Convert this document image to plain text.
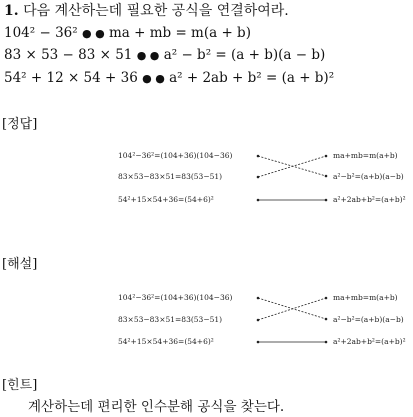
1. 다음 계산하는데 필요한 공식을 연결하여라.
104² − 36² ● ● ma + mb = m(a + b)
83 × 53 − 83 × 51 ● ● a² − b² = (a + b)(a − b)
54² + 12 × 54 + 36 ● ● a² + 2ab + b² = (a + b)²
[정답]
104²−36²=(104+36)(104−36)
83×53−83×51=83(53−51)
54²+15×54+36=(54+6)²
ma+mb=m(a+b)
a²−b²=(a+b)(a−b)
a²+2ab+b²=(a+b)²
[해설]
104²−36²=(104+36)(104−36)
83×53−83×51=83(53−51)
54²+15×54+36=(54+6)²
ma+mb=m(a+b)
a²−b²=(a+b)(a−b)
a²+2ab+b²=(a+b)²
[힌트]
계산하는데 편리한 인수분해 공식을 찾는다.
